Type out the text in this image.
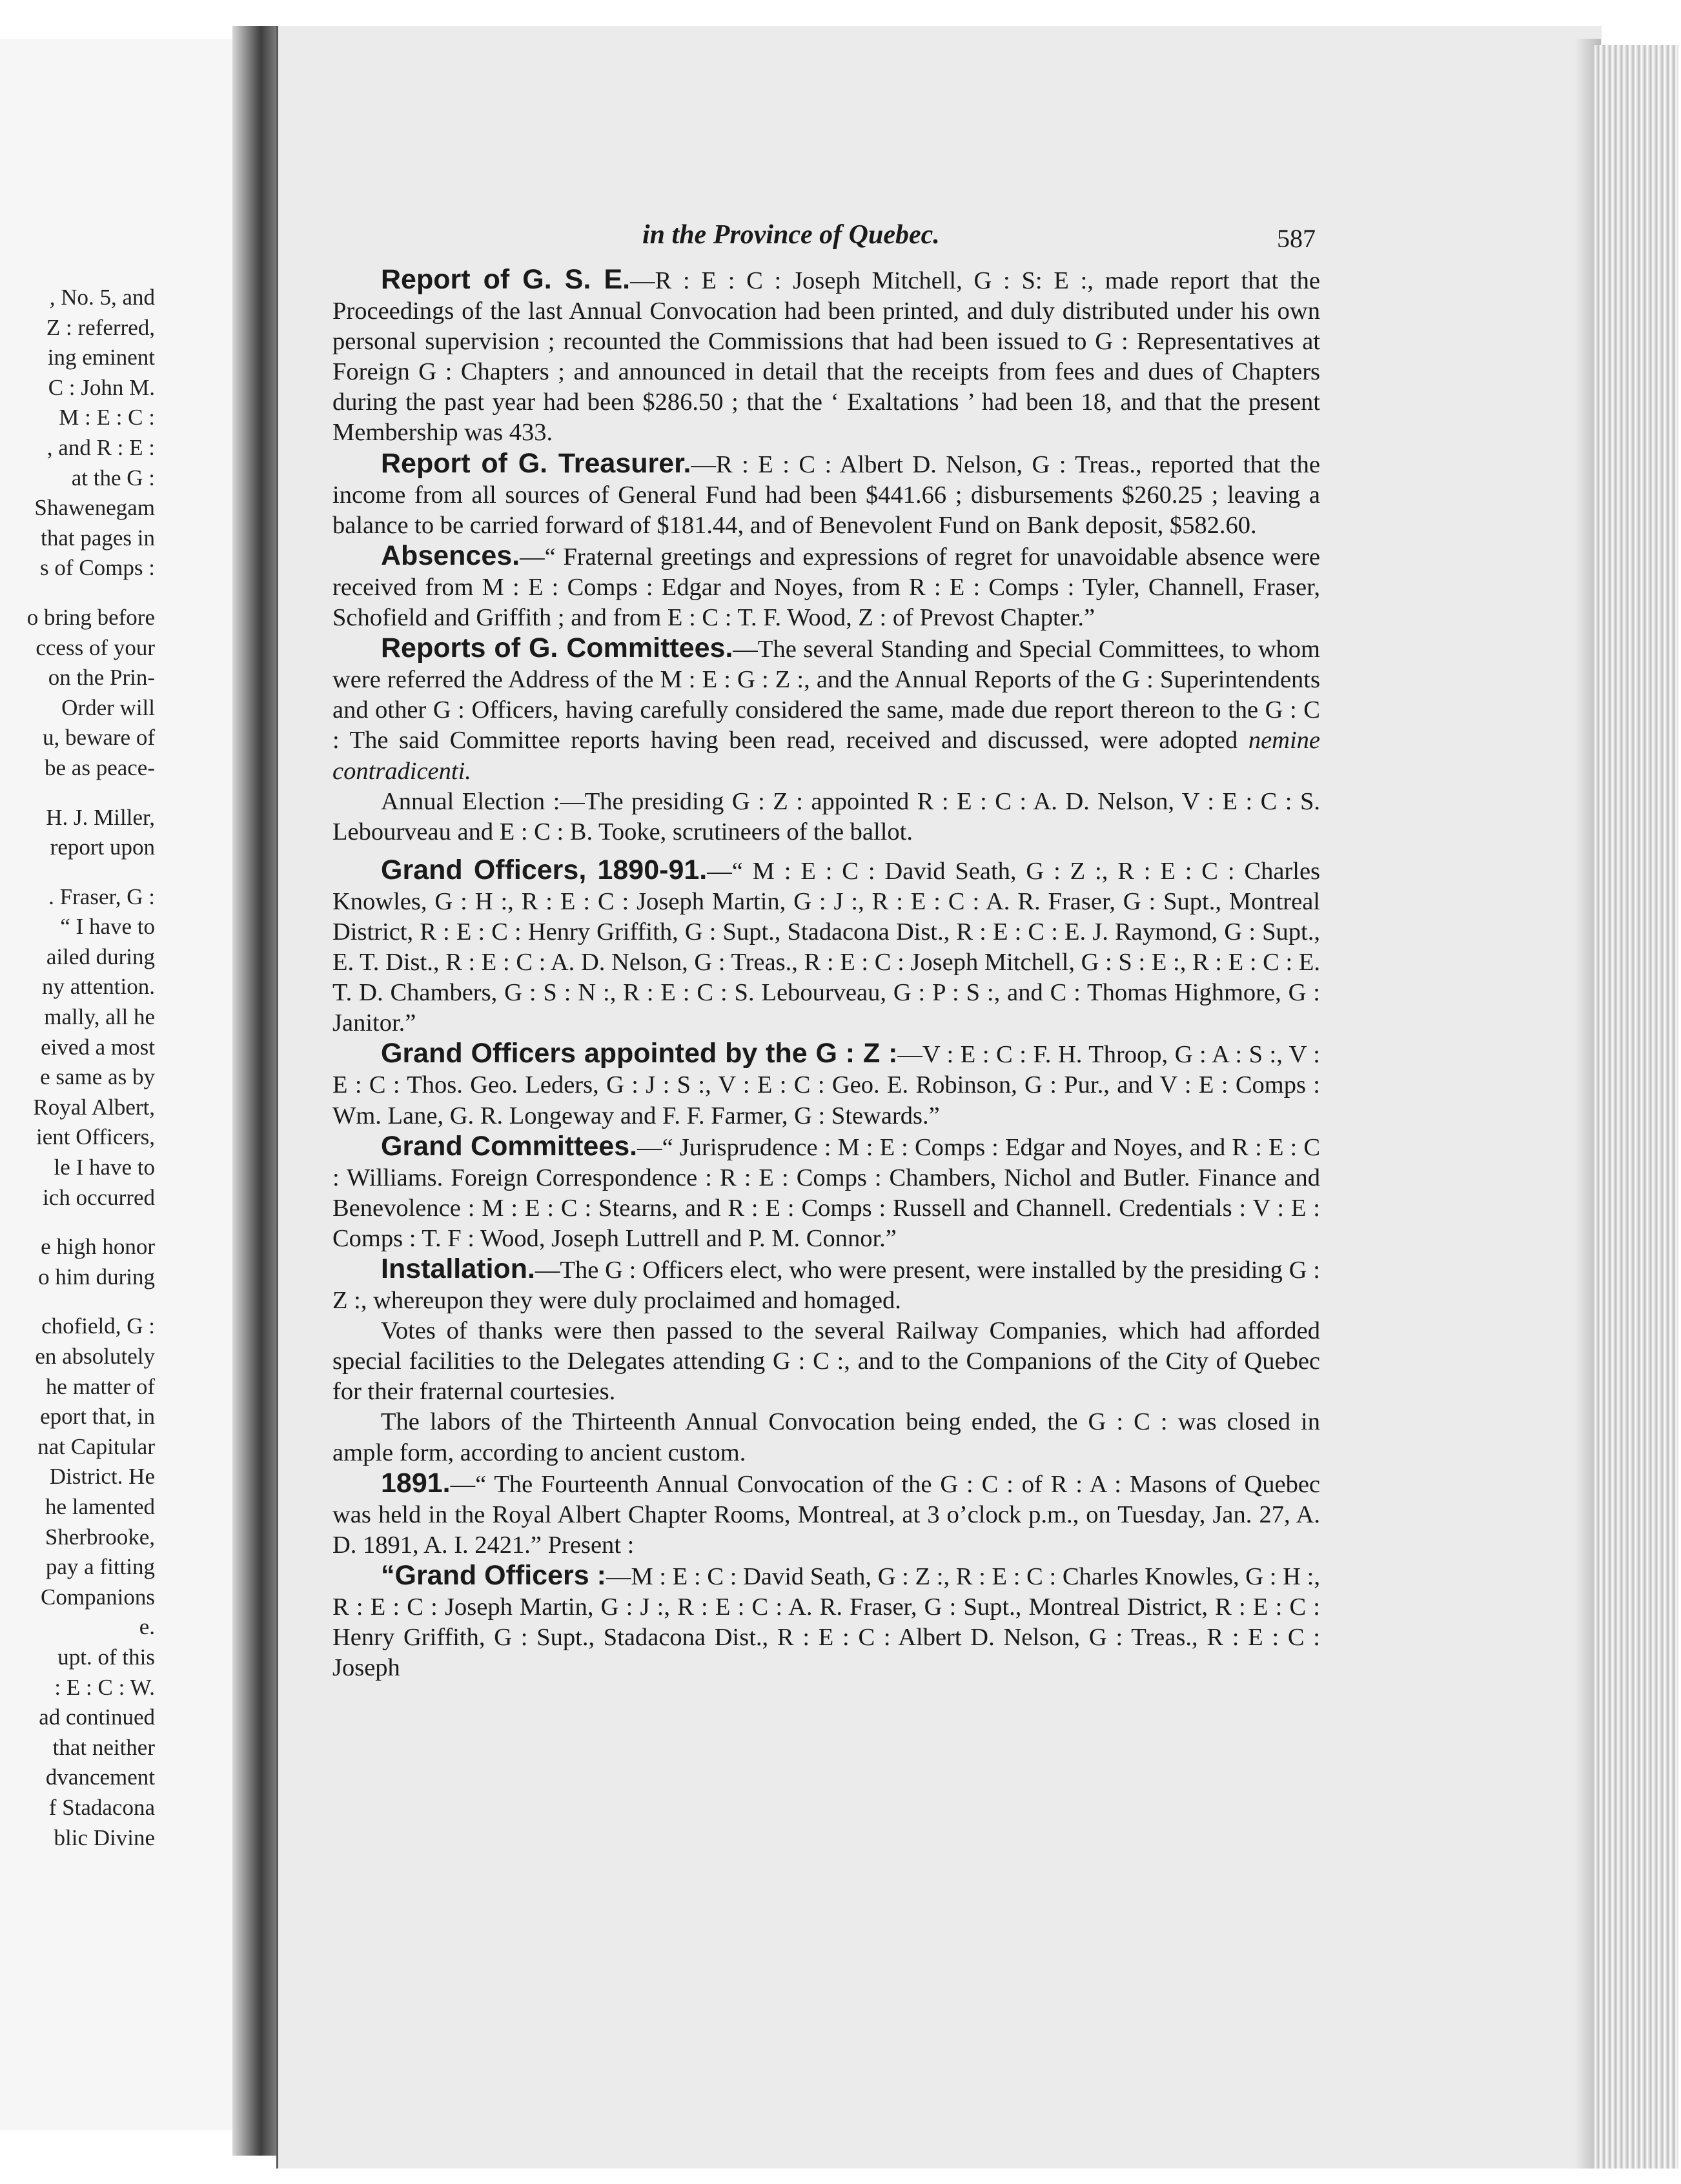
, No. 5, and
Z : referred,
ing eminent
C : John M.
M : E : C :
, and R : E :
at the G :
Shawenegam
that pages in
s of Comps :
o bring before
ccess of your
on the Prin-
Order will
u, beware of
be as peace-
H. J. Miller,
report upon
. Fraser, G :
“ I have to
ailed during
ny attention.
mally, all he
eived a most
e same as by
Royal Albert,
ient Officers,
le I have to
ich occurred
e high honor
o him during
chofield, G :
en absolutely
he matter of
eport that, in
nat Capitular
District. He
he lamented
Sherbrooke,
pay a fitting
Companions
e.
upt. of this
: E : C : W.
ad continued
that neither
dvancement
f Stadacona
blic Divine
in the Province of Quebec.	587

Report of G. S. E.—R : E : C : Joseph Mitchell, G : S: E :, made report that the Proceedings of the last Annual Convocation had been printed, and duly distributed under his own personal supervision ; recounted the Commissions that had been issued to G : Representatives at Foreign G : Chapters ; and announced in detail that the receipts from fees and dues of Chapters during the past year had been $286.50 ; that the ‘ Exaltations ’ had been 18, and that the present Membership was 433.

Report of G. Treasurer.—R : E : C : Albert D. Nelson, G : Treas., reported that the income from all sources of General Fund had been $441.66 ; disbursements $260.25 ; leaving a balance to be carried forward of $181.44, and of Benevolent Fund on Bank deposit, $582.60.

Absences.—“ Fraternal greetings and expressions of regret for unavoidable absence were received from M : E : Comps : Edgar and Noyes, from R : E : Comps : Tyler, Channell, Fraser, Schofield and Griffith ; and from E : C : T. F. Wood, Z : of Prevost Chapter.”

Reports of G. Committees.—The several Standing and Special Committees, to whom were referred the Address of the M : E : G : Z :, and the Annual Reports of the G : Superintendents and other G : Officers, having carefully considered the same, made due report thereon to the G : C : The said Committee reports having been read, received and discussed, were adopted nemine contradicenti.

Annual Election :—The presiding G : Z : appointed R : E : C : A. D. Nelson, V : E : C : S. Lebourveau and E : C : B. Tooke, scrutineers of the ballot.

Grand Officers, 1890-91.—“ M : E : C : David Seath, G : Z :, R : E : C : Charles Knowles, G : H :, R : E : C : Joseph Martin, G : J :, R : E : C : A. R. Fraser, G : Supt., Montreal District, R : E : C : Henry Griffith, G : Supt., Stadacona Dist., R : E : C : E. J. Raymond, G : Supt., E. T. Dist., R : E : C : A. D. Nelson, G : Treas., R : E : C : Joseph Mitchell, G : S : E :, R : E : C : E. T. D. Chambers, G : S : N :, R : E : C : S. Lebourveau, G : P : S :, and C : Thomas Highmore, G : Janitor.”

Grand Officers appointed by the G : Z :—V : E : C : F. H. Throop, G : A : S :, V : E : C : Thos. Geo. Leders, G : J : S :, V : E : C : Geo. E. Robinson, G : Pur., and V : E : Comps : Wm. Lane, G. R. Longeway and F. F. Farmer, G : Stewards.”

Grand Committees.—“ Jurisprudence : M : E : Comps : Edgar and Noyes, and R : E : C : Williams. Foreign Correspondence : R : E : Comps : Chambers, Nichol and Butler. Finance and Benevolence : M : E : C : Stearns, and R : E : Comps : Russell and Channell. Credentials : V : E : Comps : T. F : Wood, Joseph Luttrell and P. M. Connor.”

Installation.—The G : Officers elect, who were present, were installed by the presiding G : Z :, whereupon they were duly proclaimed and homaged.

Votes of thanks were then passed to the several Railway Companies, which had afforded special facilities to the Delegates attending G : C :, and to the Companions of the City of Quebec for their fraternal courtesies.

The labors of the Thirteenth Annual Convocation being ended, the G : C : was closed in ample form, according to ancient custom.

1891.—“ The Fourteenth Annual Convocation of the G : C : of R : A : Masons of Quebec was held in the Royal Albert Chapter Rooms, Montreal, at 3 o’clock p.m., on Tuesday, Jan. 27, A. D. 1891, A. I. 2421.” Present :

“Grand Officers :—M : E : C : David Seath, G : Z :, R : E : C : Charles Knowles, G : H :, R : E : C : Joseph Martin, G : J :, R : E : C : A. R. Fraser, G : Supt., Montreal District, R : E : C : Henry Griffith, G : Supt., Stadacona Dist., R : E : C : Albert D. Nelson, G : Treas., R : E : C : Joseph
